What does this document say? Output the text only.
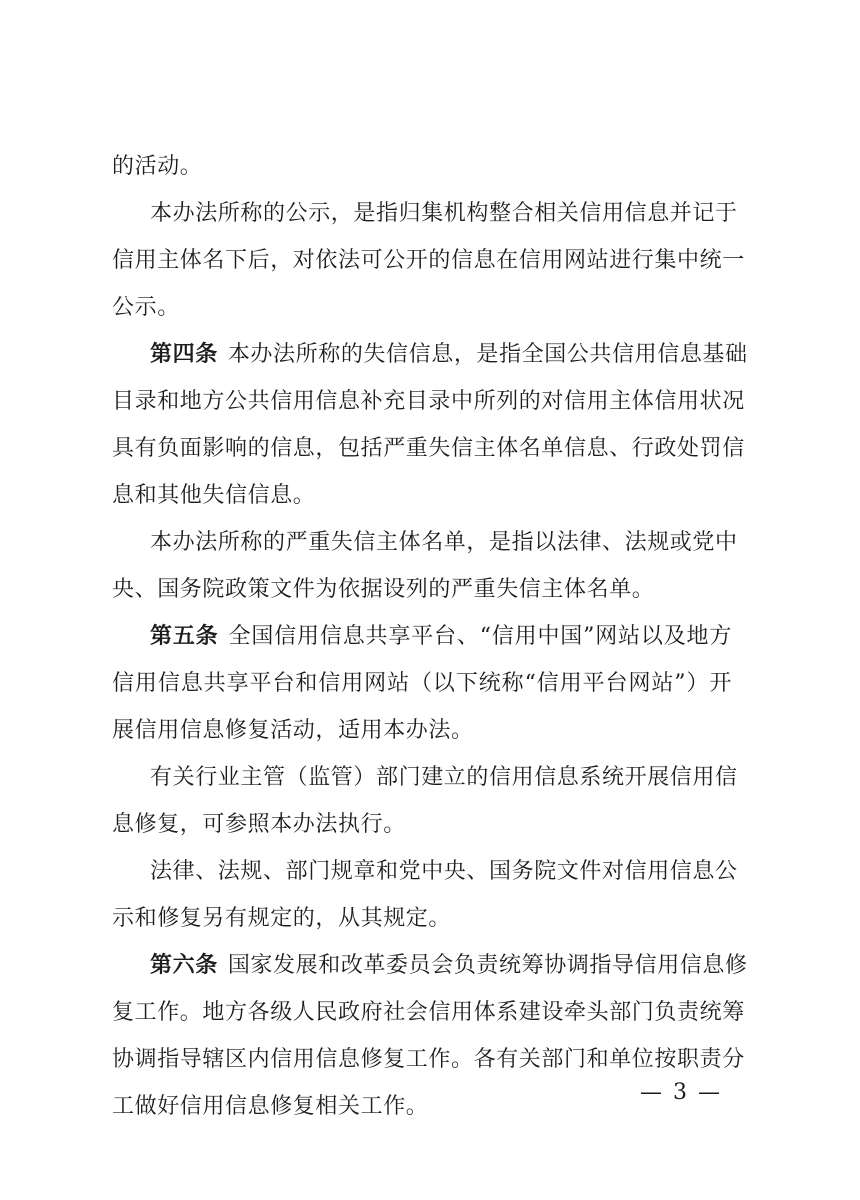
的活动。
本办法所称的公示，是指归集机构整合相关信用信息并记于
信用主体名下后，对依法可公开的信息在信用网站进行集中统一
公示。
第四条 本办法所称的失信信息，是指全国公共信用信息基础
目录和地方公共信用信息补充目录中所列的对信用主体信用状况
具有负面影响的信息，包括严重失信主体名单信息、行政处罚信
息和其他失信信息。
本办法所称的严重失信主体名单，是指以法律、法规或党中
央、国务院政策文件为依据设列的严重失信主体名单。
第五条 全国信用信息共享平台、“信用中国”网站以及地方
信用信息共享平台和信用网站（以下统称“信用平台网站”）开
展信用信息修复活动，适用本办法。
有关行业主管（监管）部门建立的信用信息系统开展信用信
息修复，可参照本办法执行。
法律、法规、部门规章和党中央、国务院文件对信用信息公
示和修复另有规定的，从其规定。
第六条 国家发展和改革委员会负责统筹协调指导信用信息修
复工作。地方各级人民政府社会信用体系建设牵头部门负责统筹
协调指导辖区内信用信息修复工作。各有关部门和单位按职责分
工做好信用信息修复相关工作。
— 3 —
